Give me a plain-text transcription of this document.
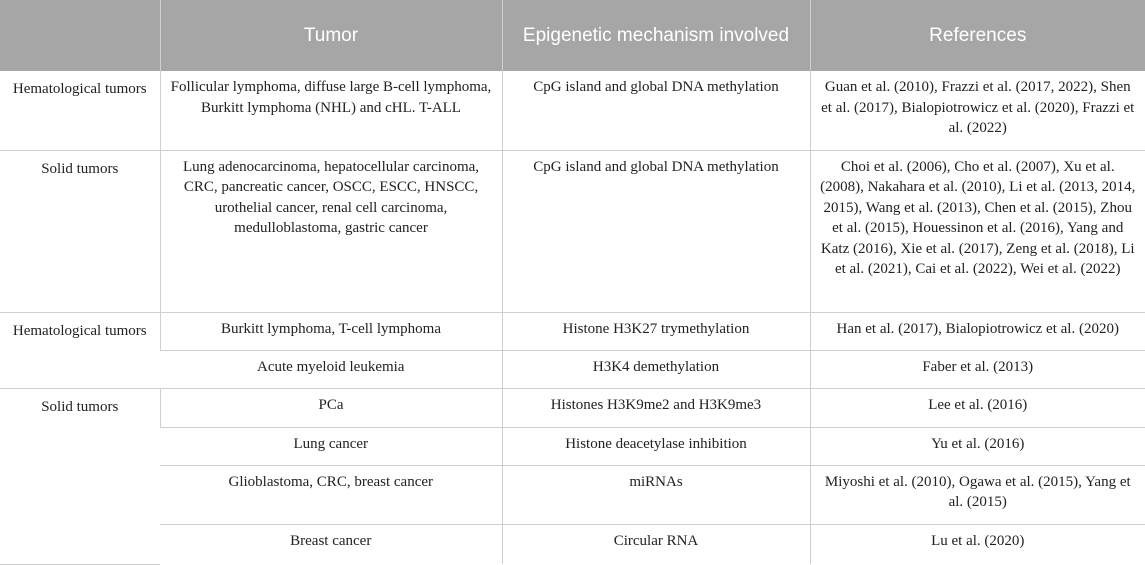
	Tumor	Epigenetic mechanism involved	References
Hematological tumors	Follicular lymphoma, diffuse large B-cell lymphoma, Burkitt lymphoma (NHL) and cHL. T-ALL	CpG island and global DNA methylation	Guan et al. (2010), Frazzi et al. (2017, 2022), Shen et al. (2017), Bialopiotrowicz et al. (2020), Frazzi et al. (2022)
Solid tumors	Lung adenocarcinoma, hepatocellular carcinoma, CRC, pancreatic cancer, OSCC, ESCC, HNSCC, urothelial cancer, renal cell carcinoma, medulloblastoma, gastric cancer	CpG island and global DNA methylation	Choi et al. (2006), Cho et al. (2007), Xu et al. (2008), Nakahara et al. (2010), Li et al. (2013, 2014, 2015), Wang et al. (2013), Chen et al. (2015), Zhou et al. (2015), Houessinon et al. (2016), Yang and Katz (2016), Xie et al. (2017), Zeng et al. (2018), Li et al. (2021), Cai et al. (2022), Wei et al. (2022)
Hematological tumors	Burkitt lymphoma, T-cell lymphoma	Histone H3K27 trymethylation	Han et al. (2017), Bialopiotrowicz et al. (2020)
	Acute myeloid leukemia	H3K4 demethylation	Faber et al. (2013)
Solid tumors	PCa	Histones H3K9me2 and H3K9me3	Lee et al. (2016)
	Lung cancer	Histone deacetylase inhibition	Yu et al. (2016)
	Glioblastoma, CRC, breast cancer	miRNAs	Miyoshi et al. (2010), Ogawa et al. (2015), Yang et al. (2015)
	Breast cancer	Circular RNA	Lu et al. (2020)
